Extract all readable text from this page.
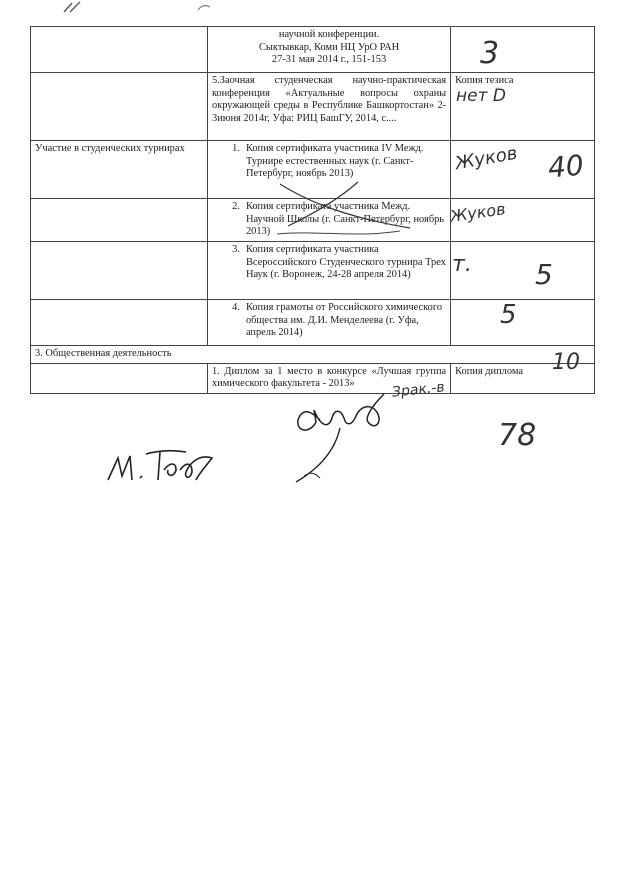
	научной конференции.
Сыктывкар, Коми НЦ УрО РАН
27-31 мая 2014 г., 151-153	

	5.Заочная студенческая научно-практическая конференция «Актуальные вопросы охраны окружающей среды в Республике Башкортостан» 2-3июня 2014г, Уфа: РИЦ БашГУ, 2014, с....	Копия тезиса
Участие в студенческих турнирах	1. Копия сертификата участника IV Межд. Турнире естественных наук (г. Санкт-Петербург, ноябрь 2013)	

	2. Копия сертификата участника Межд. Научной Школы (г. Санкт-Петербург, ноябрь 2013)	

	3. Копия сертификата участника Всероссийского Студенческого турнира Трех Наук (г. Воронеж, 24-28 апреля 2014)	

	4. Копия грамоты от Российского химического общества им. Д.И. Менделеева (г. Уфа, апрель 2014)	

3. Общественная деятельность		
	1. Диплом за 1 место в конкурсе «Лучшая группа химического факультета - 2013»	Копия диплома
3
нет D
Жуков 40
Жуков
т. 5
5
10
Зрак.-в
78
